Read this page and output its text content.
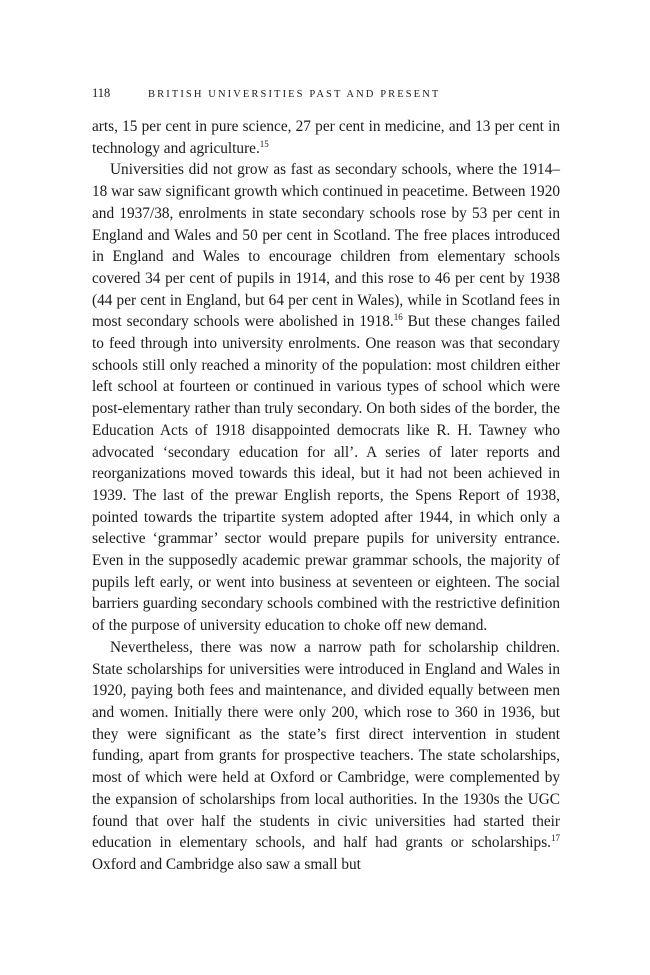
118	BRITISH UNIVERSITIES PAST AND PRESENT

arts, 15 per cent in pure science, 27 per cent in medicine, and 13 per cent in technology and agriculture.$^{15}$

Universities did not grow as fast as secondary schools, where the 1914–18 war saw significant growth which continued in peacetime. Between 1920 and 1937/38, enrolments in state secondary schools rose by 53 per cent in England and Wales and 50 per cent in Scotland. The free places introduced in England and Wales to encourage children from elementary schools covered 34 per cent of pupils in 1914, and this rose to 46 per cent by 1938 (44 per cent in England, but 64 per cent in Wales), while in Scotland fees in most secondary schools were abolished in 1918.16 But these changes failed to feed through into university enrolments. One reason was that secondary schools still only reached a minority of the population: most children either left school at fourteen or continued in various types of school which were post-elementary rather than truly secondary. On both sides of the border, the Education Acts of 1918 disappointed democrats like R. H. Tawney who advocated ‘secondary education for all’. A series of later reports and reorganizations moved towards this ideal, but it had not been achieved in 1939. The last of the prewar English reports, the Spens Report of 1938, pointed towards the tripartite system adopted after 1944, in which only a selective ‘grammar’ sector would prepare pupils for university entrance. Even in the supposedly academic prewar grammar schools, the majority of pupils left early, or went into business at seventeen or eighteen. The social barriers guarding secondary schools combined with the restrictive definition of the purpose of university education to choke off new demand.

Nevertheless, there was now a narrow path for scholarship children. State scholarships for universities were introduced in England and Wales in 1920, paying both fees and maintenance, and divided equally between men and women. Initially there were only 200, which rose to 360 in 1936, but they were significant as the state’s first direct intervention in student funding, apart from grants for prospective teachers. The state scholarships, most of which were held at Oxford or Cambridge, were complemented by the expansion of scholarships from local authorities. In the 1930s the UGC found that over half the students in civic universities had started their education in elementary schools, and half had grants or scholarships.$^{17}$ Oxford and Cambridge also saw a small but
